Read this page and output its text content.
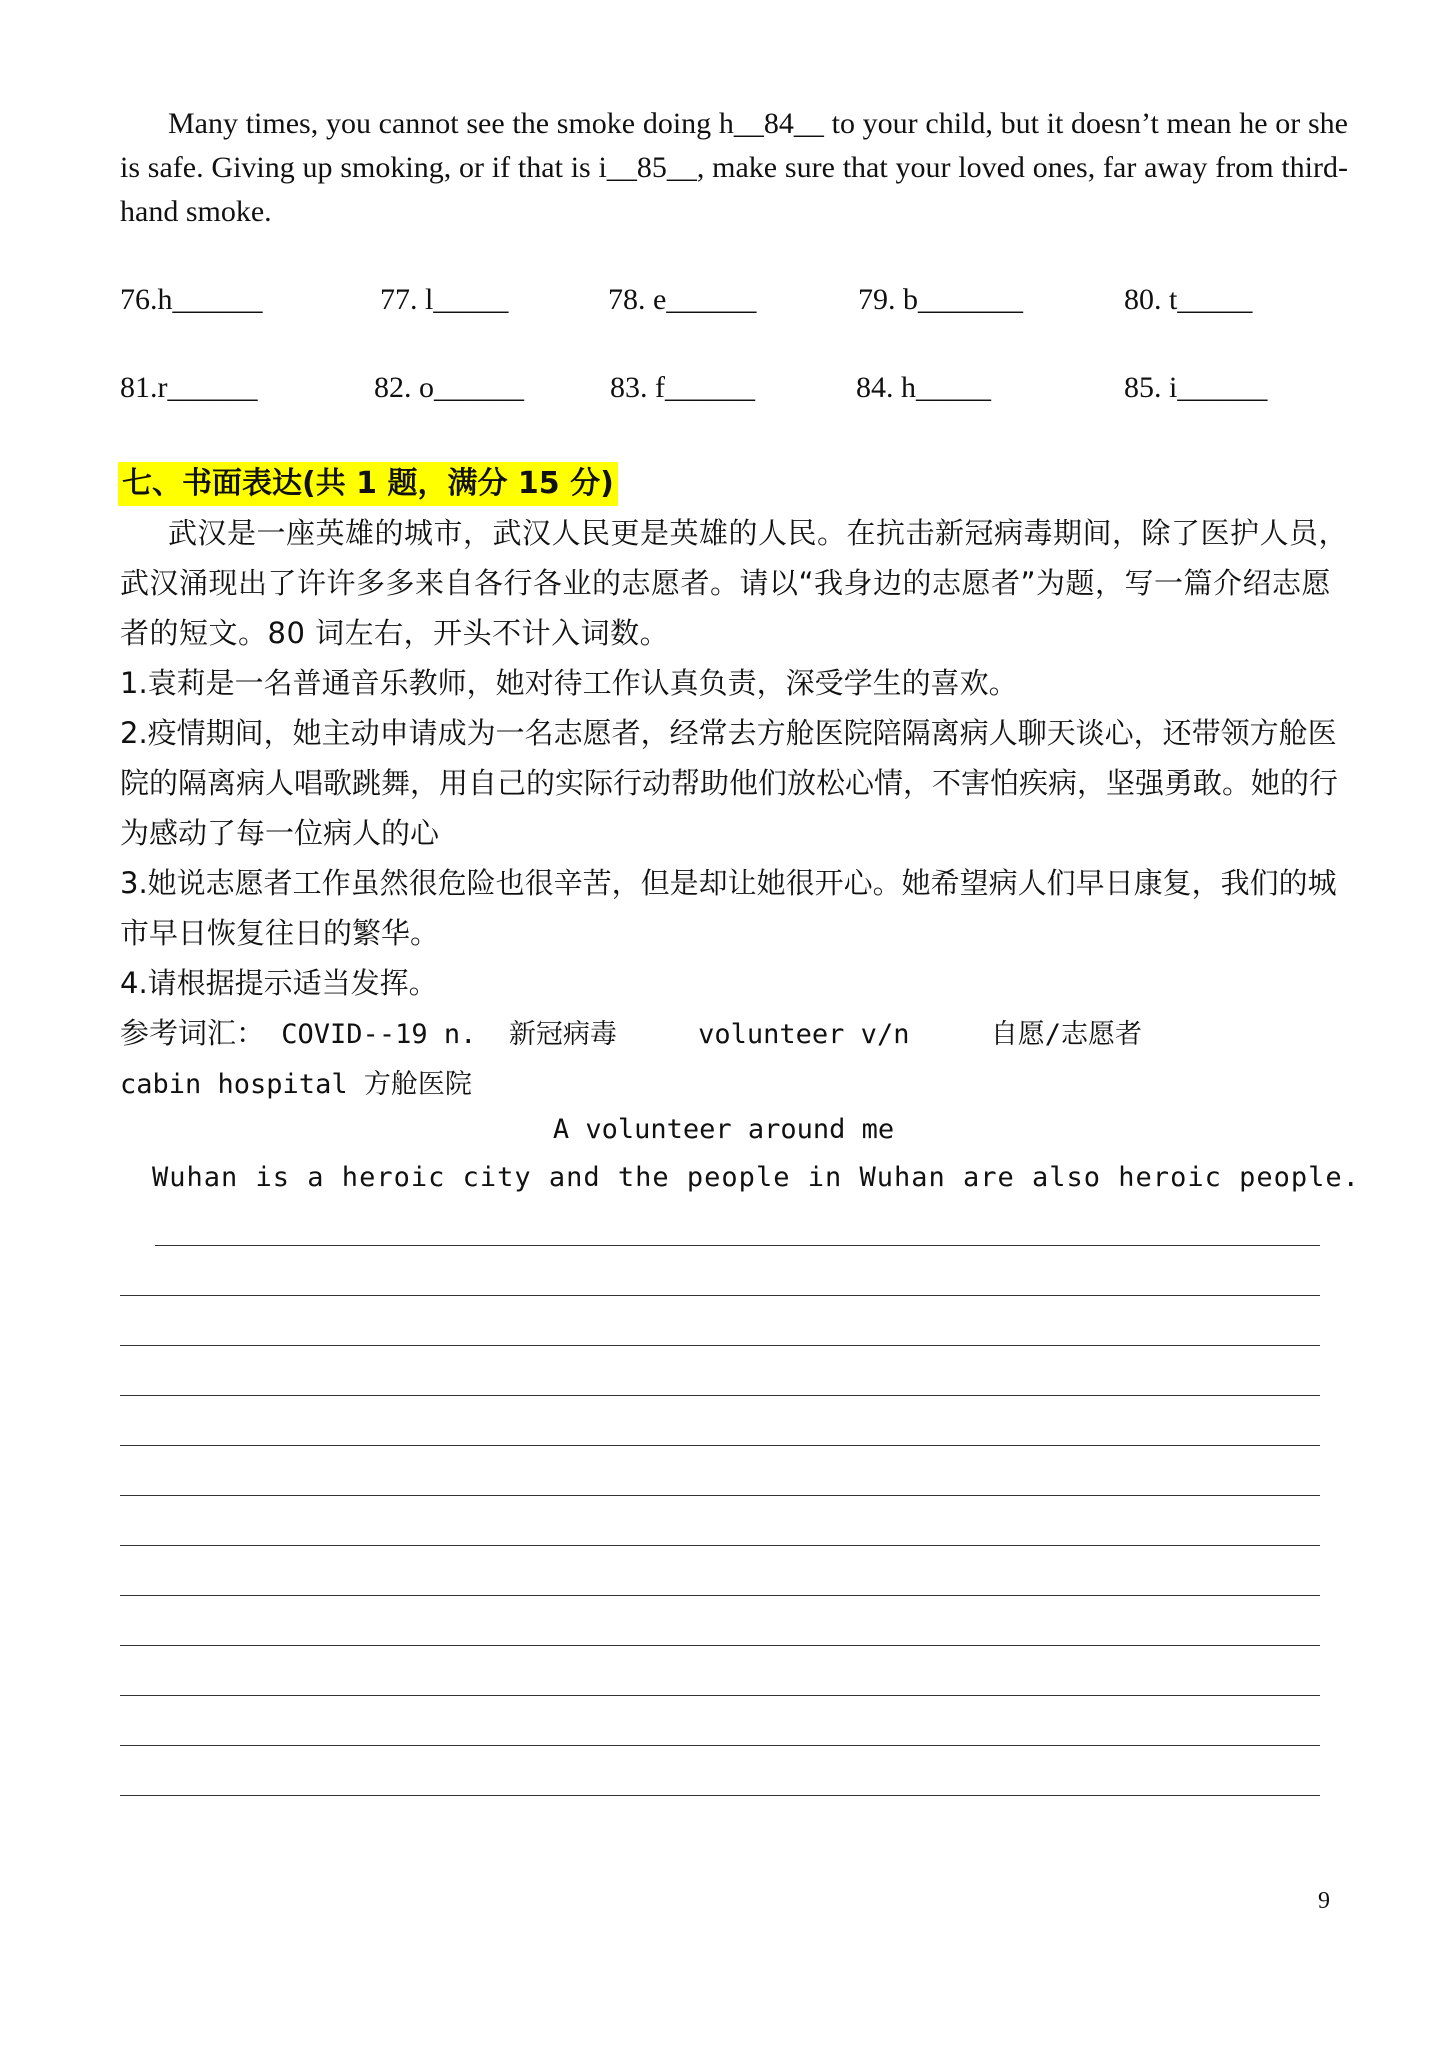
Many times, you cannot see the smoke doing h__84__ to your child, but it doesn’t mean he or she is safe. Giving up smoking, or if that is i__85__, make sure that your loved ones, far away from third-hand smoke.

76.h______	77. l_____	78. e______	79. b_______	80. t_____
81.r______	82. o______	83. f______	84. h_____	85. i______
七、书面表达(共 1 题，满分 15 分)

武汉是一座英雄的城市，武汉人民更是英雄的人民。在抗击新冠病毒期间，除了医护人员，武汉涌现出了许许多多来自各行各业的志愿者。请以“我身边的志愿者”为题，写一篇介绍志愿者的短文。80 词左右，开头不计入词数。

1.袁莉是一名普通音乐教师，她对待工作认真负责，深受学生的喜欢。

2.疫情期间，她主动申请成为一名志愿者，经常去方舱医院陪隔离病人聊天谈心，还带领方舱医院的隔离病人唱歌跳舞，用自己的实际行动帮助他们放松心情，不害怕疾病，坚强勇敢。她的行为感动了每一位病人的心

3.她说志愿者工作虽然很危险也很辛苦，但是却让她很开心。她希望病人们早日康复，我们的城市早日恢复往日的繁华。

4.请根据提示适当发挥。

参考词汇： COVID--19 n.  新冠病毒     volunteer v/n     自愿/志愿者

cabin hospital 方舱医院

A volunteer around me
Wuhan is a heroic city and the people in Wuhan are also heroic people.
9
